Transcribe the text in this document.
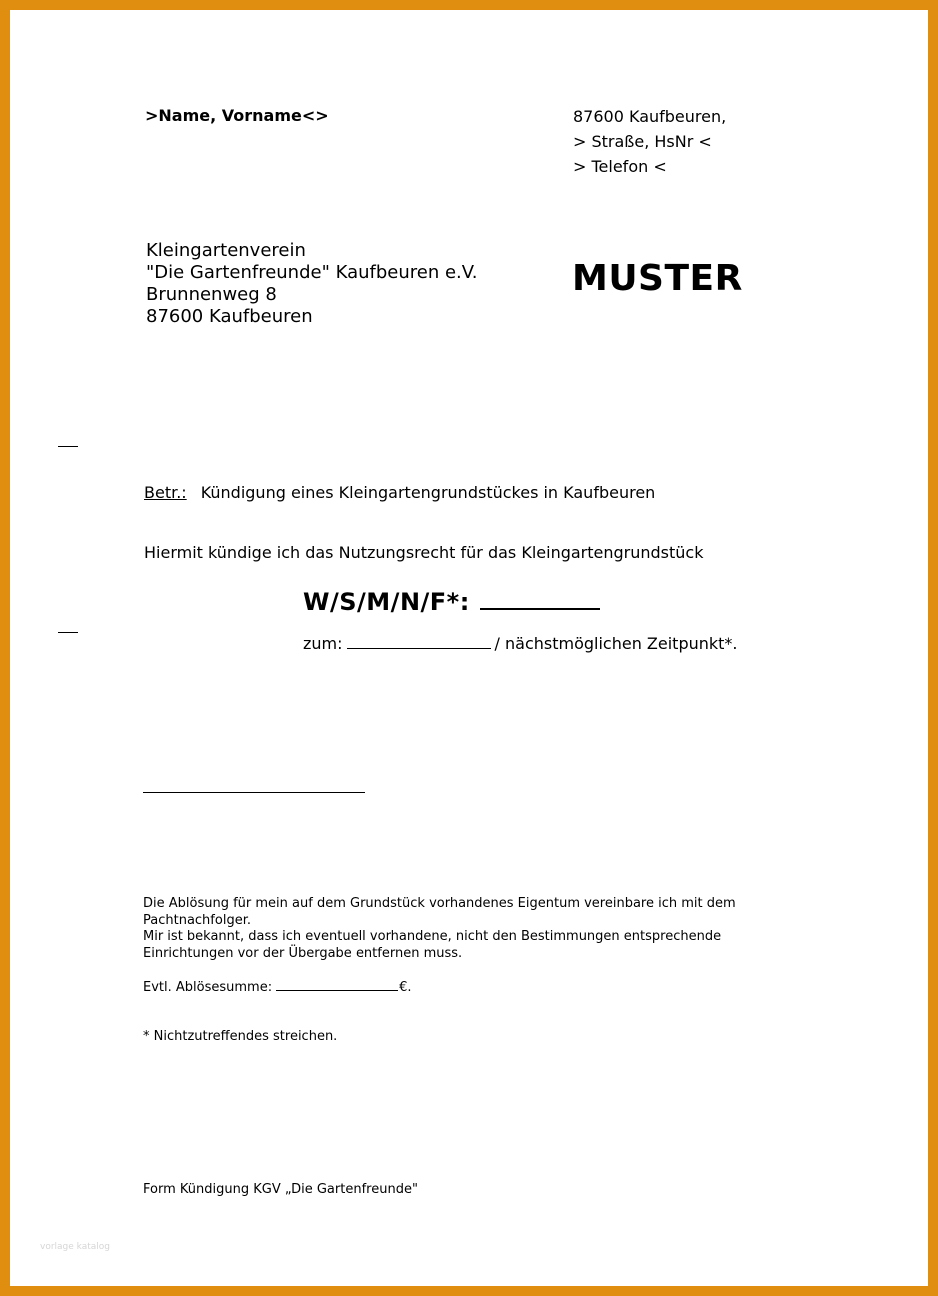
>Name, Vorname<>	87600 Kaufbeuren,
> Straße, HsNr <
> Telefon <
Kleingartenverein
"Die Gartenfreunde" Kaufbeuren e.V.
Brunnenweg 8
87600 Kaufbeuren
MUSTER
Betr.: Kündigung eines Kleingartengrundstückes in Kaufbeuren
Hiermit kündige ich das Nutzungsrecht für das Kleingartengrundstück
W/S/M/N/F*:
zum:	/ nächstmöglichen Zeitpunkt*.
Die Ablösung für mein auf dem Grundstück vorhandenes Eigentum vereinbare ich mit dem
Pachtnachfolger.
Mir ist bekannt, dass ich eventuell vorhandene, nicht den Bestimmungen entsprechende
Einrichtungen vor der Übergabe entfernen muss.
Evtl. Ablösesumme:	€.
* Nichtzutreffendes streichen.
Form Kündigung KGV „Die Gartenfreunde"
vorlage katalog
